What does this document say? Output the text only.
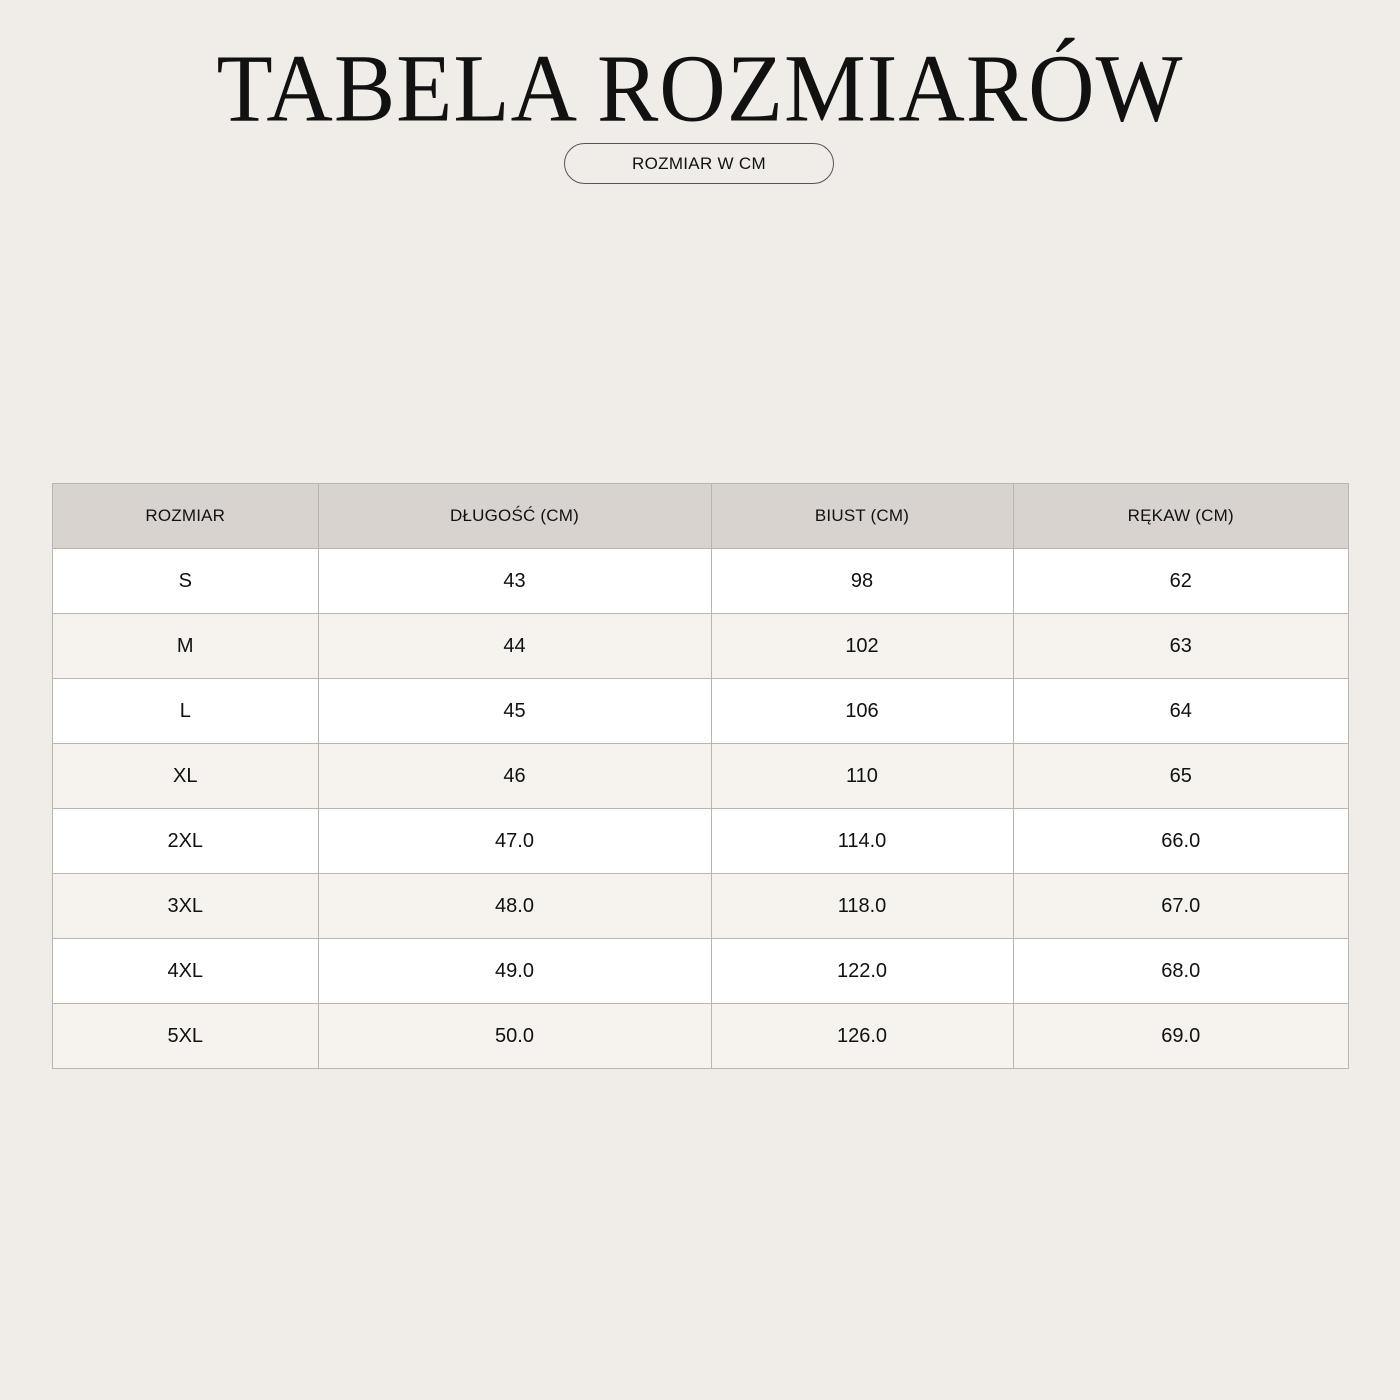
TABELA ROZMIARÓW
ROZMIAR W CM
ROZMIAR	DŁUGOŚĆ (CM)	BIUST (CM)	RĘKAW (CM)
S	43	98	62
M	44	102	63
L	45	106	64
XL	46	110	65
2XL	47.0	114.0	66.0
3XL	48.0	118.0	67.0
4XL	49.0	122.0	68.0
5XL	50.0	126.0	69.0
